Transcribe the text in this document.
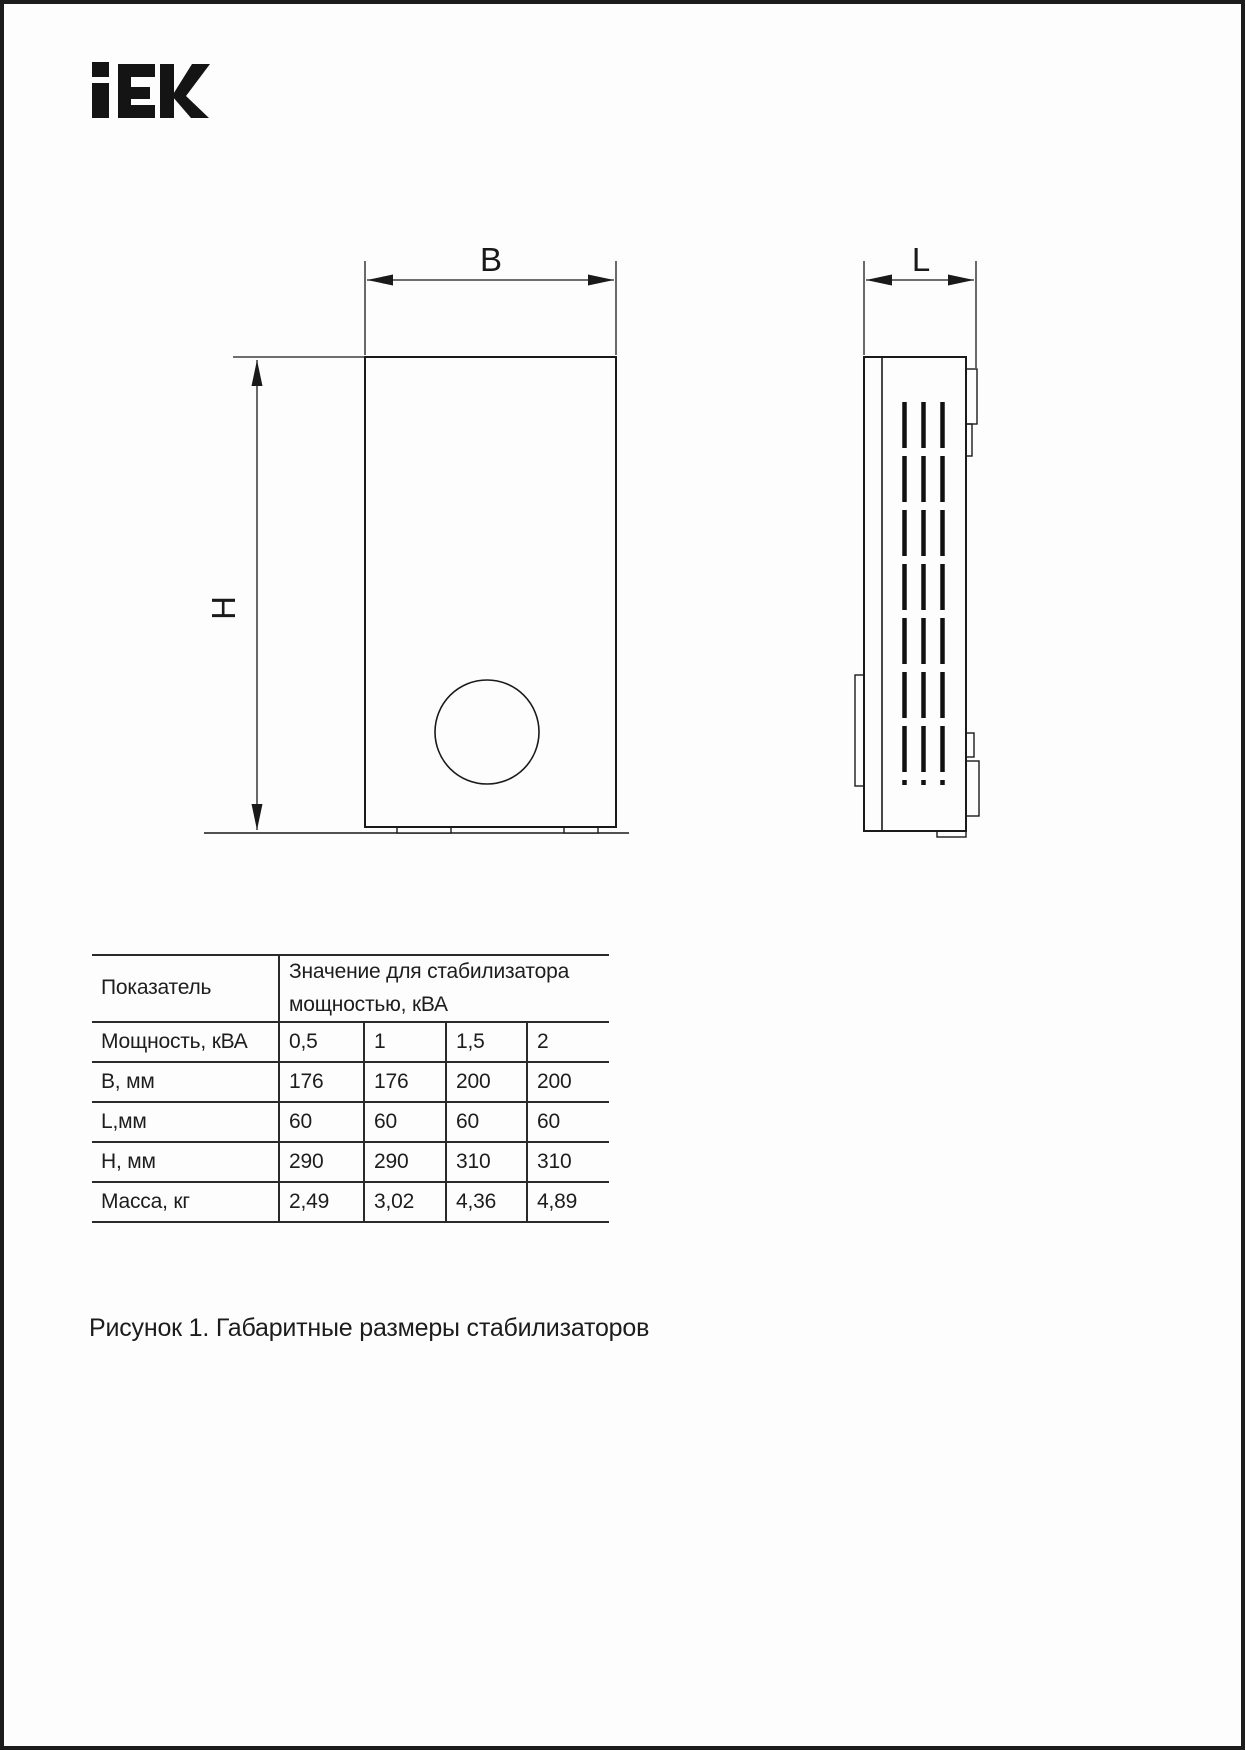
B
H
L
Показатель	Значение для стабилизатора мощностью, кВА			
Мощность, кВА	0,5	1	1,5	2
В, мм	176	176	200	200
L,мм	60	60	60	60
Н, мм	290	290	310	310
Масса, кг	2,49	3,02	4,36	4,89
Рисунок 1. Габаритные размеры стабилизаторов
